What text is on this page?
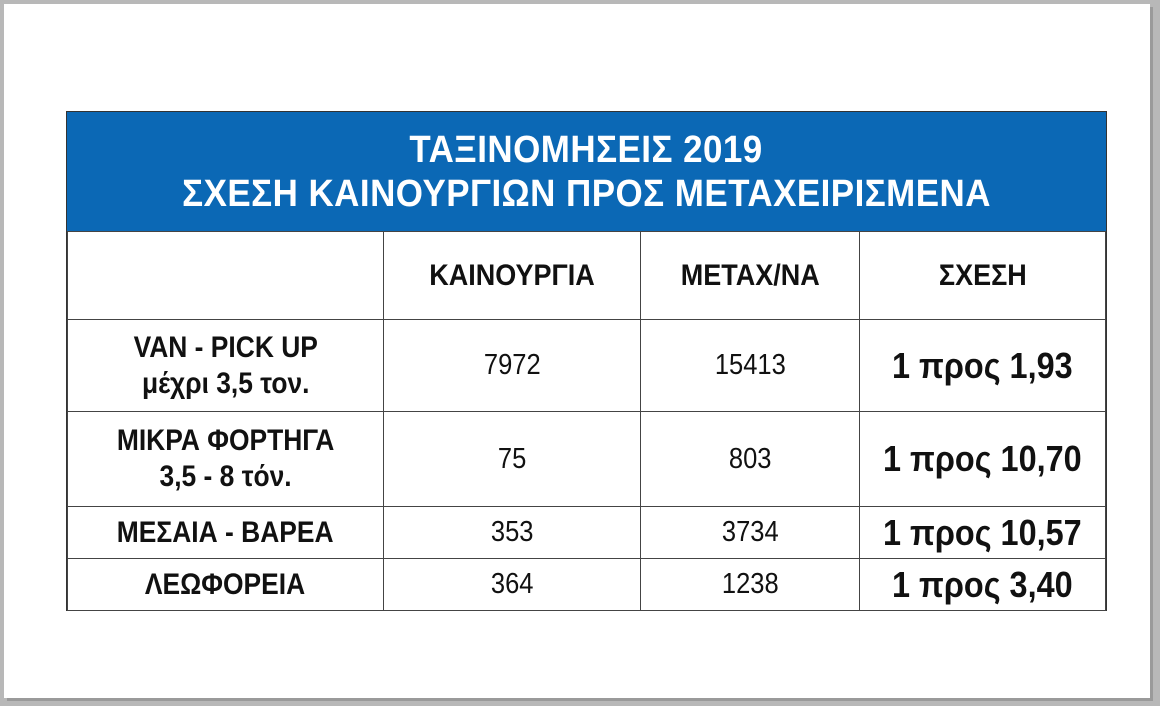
ΤΑΞΙΝΟΜΗΣΕΙΣ 2019
ΣΧΕΣΗ ΚΑΙΝΟΥΡΓΙΩΝ ΠΡΟΣ ΜΕΤΑΧΕΙΡΙΣΜΕΝΑ
	ΚΑΙΝΟΥΡΓΙΑ	ΜΕΤΑΧ/ΝΑ	ΣΧΕΣΗ
VAN - PICK UP
μέχρι 3,5 τον.	7972	15413	1 προς 1,93
ΜΙΚΡΑ ΦΟΡΤΗΓΑ
3,5 - 8 τόν.	75	803	1 προς 10,70
ΜΕΣΑΙΑ - ΒΑΡΕΑ	353	3734	1 προς 10,57
ΛΕΩΦΟΡΕΙΑ	364	1238	1 προς 3,40
